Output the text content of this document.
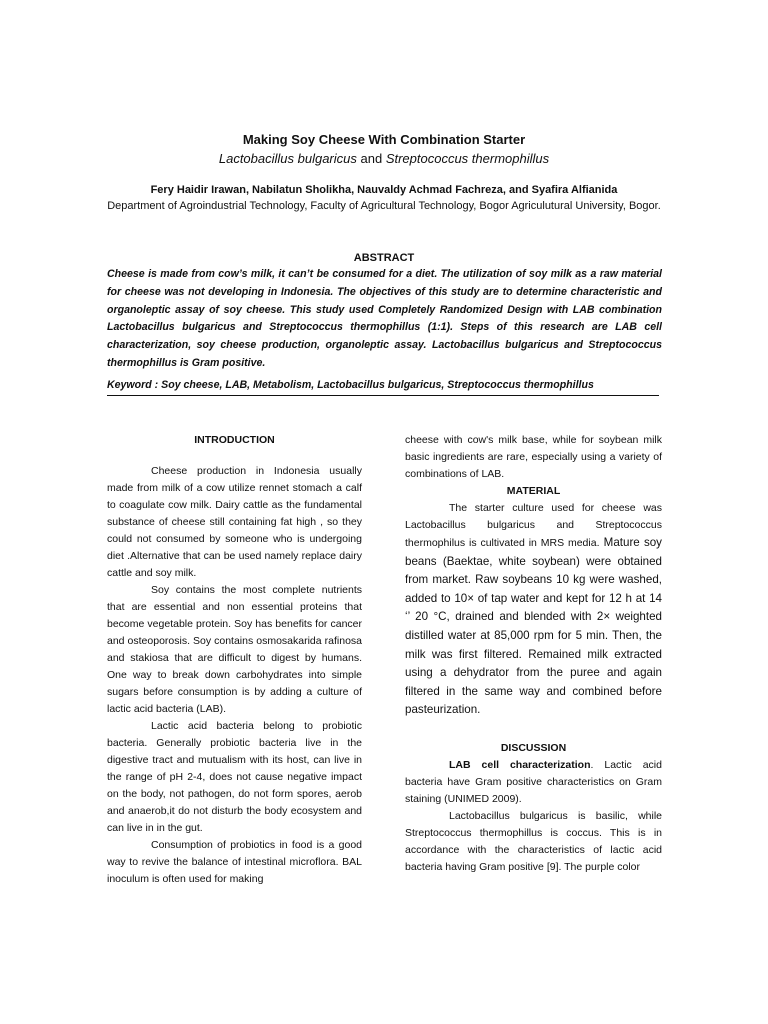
Making Soy Cheese With Combination Starter
Lactobacillus bulgaricus and Streptococcus thermophillus
Fery Haidir Irawan, Nabilatun Sholikha, Nauvaldy Achmad Fachreza, and Syafira Alfianida
Department of Agroindustrial Technology, Faculty of Agricultural Technology, Bogor Agriculutural University, Bogor.
ABSTRACT
Cheese is made from cow’s milk, it can’t be consumed for a diet. The utilization of soy milk as a raw material for cheese was not developing in Indonesia. The objectives of this study are to determine characteristic and organoleptic assay of soy cheese. This study used Completely Randomized Design with LAB combination Lactobacillus bulgaricus and Streptococcus thermophillus (1:1). Steps of this research are LAB cell characterization, soy cheese production, organoleptic assay. Lactobacillus bulgaricus and Streptococcus thermophillus is Gram positive.
Keyword : Soy cheese, LAB, Metabolism, Lactobacillus bulgaricus, Streptococcus thermophillus
INTRODUCTION

Cheese production in Indonesia usually made from milk of a cow utilize rennet stomach a calf to coagulate cow milk. Dairy cattle as the fundamental substance of cheese still containing fat high , so they could not consumed by someone who is undergoing diet .Alternative that can be used namely replace dairy cattle and soy milk.

Soy contains the most complete nutrients that are essential and non essential proteins that become vegetable protein. Soy has benefits for cancer and osteoporosis. Soy contains osmosakarida rafinosa and stakiosa that are difficult to digest by humans. One way to break down carbohydrates into simple sugars before consumption is by adding a culture of lactic acid bacteria (LAB).

Lactic acid bacteria belong to probiotic bacteria. Generally probiotic bacteria live in the digestive tract and mutualism with its host, can live in the range of pH 2-4, does not cause negative impact on the body, not pathogen, do not form spores, aerob and anaerob,it do not disturb the body ecosystem and can live in in the gut.

Consumption of probiotics in food is a good way to revive the balance of intestinal microflora. BAL inoculum is often used for making

cheese with cow's milk base, while for soybean milk basic ingredients are rare, especially using a variety of combinations of LAB.

MATERIAL

The starter culture used for cheese was Lactobacillus bulgaricus and Streptococcus thermophilus is cultivated in MRS media. Mature soy beans (Baektae, white soybean) were obtained from market. Raw soybeans 10 kg were washed, added to 10× of tap water and kept for 12 h at 14 ‘’ 20 °C, drained and blended with 2× weighted distilled water at 85,000 rpm for 5 min. Then, the milk was first filtered. Remained milk extracted using a dehydrator from the puree and again filtered in the same way and combined before pasteurization.

DISCUSSION

LAB cell characterization. Lactic acid bacteria have Gram positive characteristics on Gram staining (UNIMED 2009).

Lactobacillus bulgaricus is basilic, while Streptococcus thermophillus is coccus. This is in accordance with the characteristics of lactic acid bacteria having Gram positive [9]. The purple color
